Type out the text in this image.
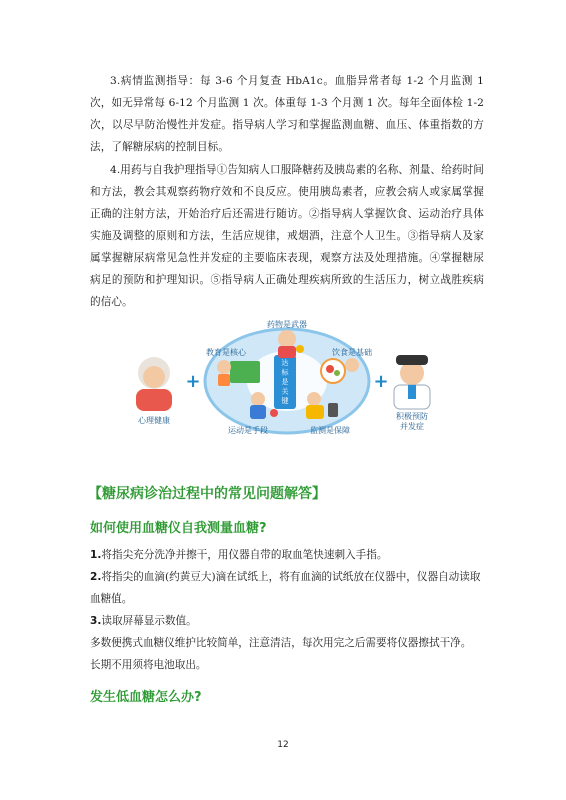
3.病情监测指导：每 3-6 个月复查 HbA1c。血脂异常者每 1-2 个月监测 1 次，如无异常每 6-12 个月监测 1 次。体重每 1-3 个月测 1 次。每年全面体检 1-2 次，以尽早防治慢性并发症。指导病人学习和掌握监测血糖、血压、体重指数的方法，了解糖尿病的控制目标。

4.用药与自我护理指导①告知病人口服降糖药及胰岛素的名称、剂量、给药时间和方法，教会其观察药物疗效和不良反应。使用胰岛素者，应教会病人或家属掌握正确的注射方法，开始治疗后还需进行随访。②指导病人掌握饮食、运动治疗具体实施及调整的原则和方法，生活应规律，戒烟酒，注意个人卫生。③指导病人及家属掌握糖尿病常见急性并发症的主要临床表现，观察方法及处理措施。④掌握糖尿病足的预防和护理知识。⑤指导病人正确处理疾病所致的生活压力，树立战胜疾病的信心。

达标是关键
+	+
药物是武器
教育是核心	饮食是基础
运动是手段	监测是保障
心理健康	积极预防
并发症
【糖尿病诊治过程中的常见问题解答】
如何使用血糖仪自我测量血糖?

1.将指尖充分洗净并擦干，用仪器自带的取血笔快速刺入手指。

2.将指尖的血滴(约黄豆大)滴在试纸上，将有血滴的试纸放在仪器中，仪器自动读取血糖值。

3.读取屏幕显示数值。

多数便携式血糖仪维护比较简单，注意清洁，每次用完之后需要将仪器擦拭干净。

长期不用须将电池取出。

发生低血糖怎么办?
12
